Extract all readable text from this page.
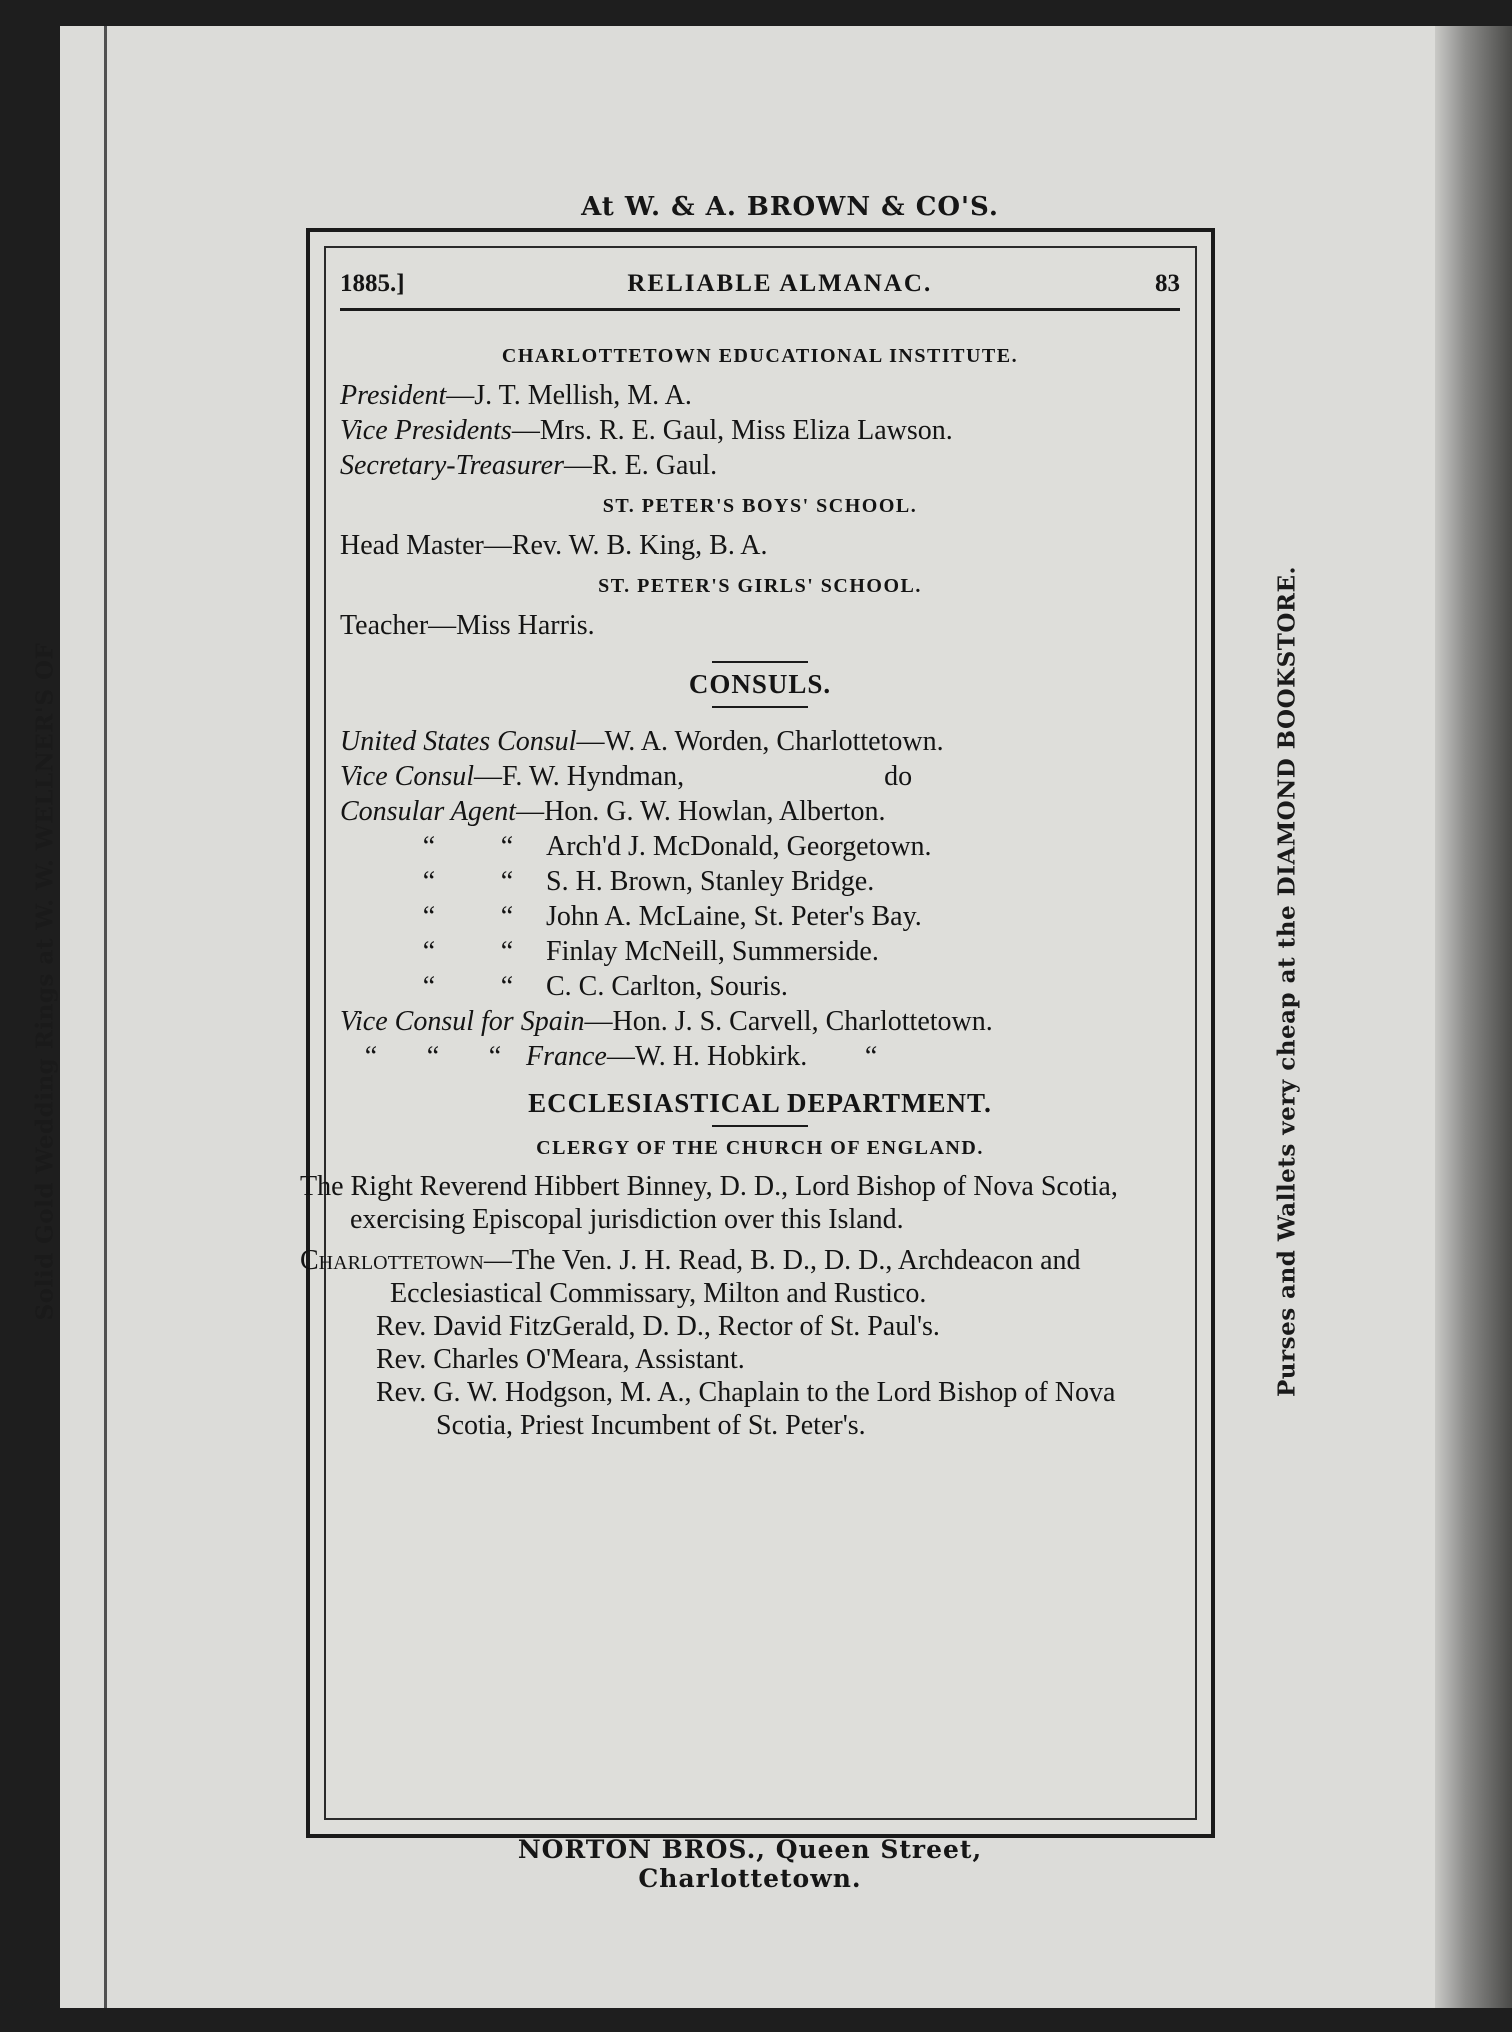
At W. & A. BROWN & CO'S.
Solid Gold Wedding Rings at W. W. WELLNER'S OF	Purses and Wallets very cheap at the DIAMOND BOOKSTORE.
1885.]	RELIABLE ALMANAC.	83
CHARLOTTETOWN EDUCATIONAL INSTITUTE.
President—J. T. Mellish, M. A.
Vice Presidents—Mrs. R. E. Gaul, Miss Eliza Lawson.
Secretary-Treasurer—R. E. Gaul.
ST. PETER'S BOYS' SCHOOL.
Head Master—Rev. W. B. King, B. A.
ST. PETER'S GIRLS' SCHOOL.
Teacher—Miss Harris.
CONSULS.
United States Consul—W. A. Worden, Charlottetown.
Vice Consul—F. W. Hyndman,	do
Consular Agent—Hon. G. W. Howlan, Alberton.
“ “ Arch'd J. McDonald, Georgetown.
“ “ S. H. Brown, Stanley Bridge.
“ “ John A. McLaine, St. Peter's Bay.
“ “ Finlay McNeill, Summerside.
“ “ C. C. Carlton, Souris.
Vice Consul for Spain—Hon. J. S. Carvell, Charlottetown.
“ “ “ France—W. H. Hobkirk. “
ECCLESIASTICAL DEPARTMENT.
CLERGY OF THE CHURCH OF ENGLAND.
The Right Reverend Hibbert Binney, D. D., Lord Bishop of Nova Scotia, exercising Episcopal jurisdiction over this Island.
Charlottetown—The Ven. J. H. Read, B. D., D. D., Archdeacon and Ecclesiastical Commissary, Milton and Rustico.
Rev. David FitzGerald, D. D., Rector of St. Paul's.
Rev. Charles O'Meara, Assistant.
Rev. G. W. Hodgson, M. A., Chaplain to the Lord Bishop of Nova Scotia, Priest Incumbent of St. Peter's.
NORTON BROS., Queen Street, Charlottetown.
